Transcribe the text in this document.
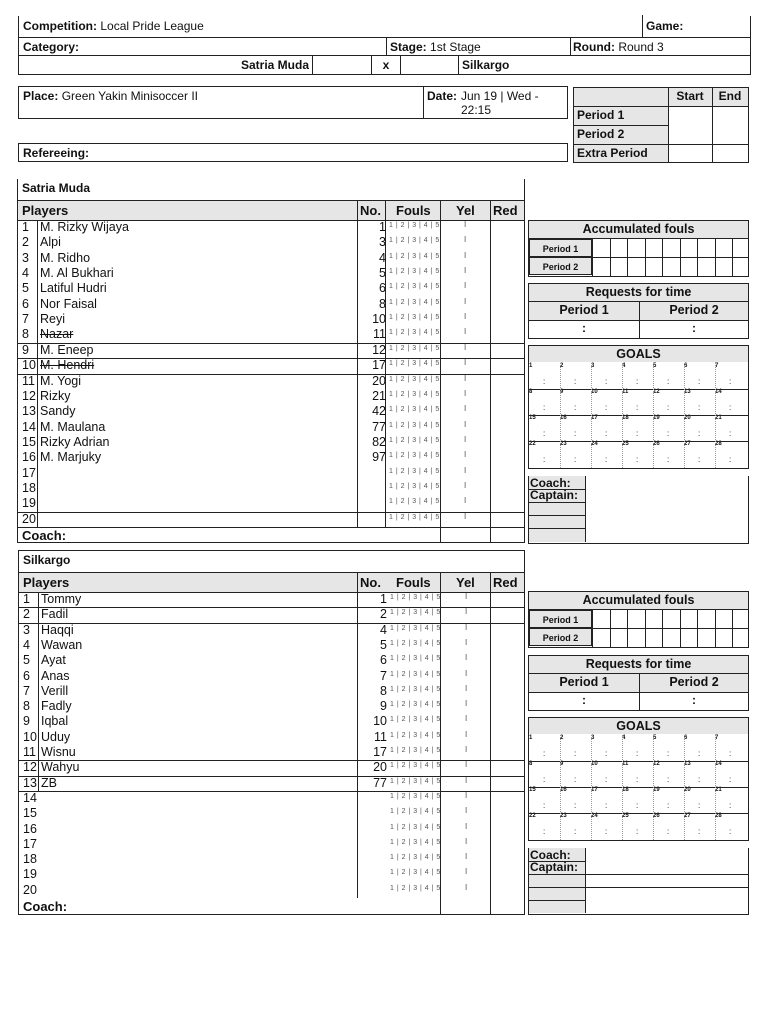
Competition: Local Pride League	Game:
Category:	Stage: 1st Stage	Round: Round 3
Satria Muda	x	Silkargo
Place: Green Yakin Minisoccer II	Date: Jun 19 | Wed - 22:15
Refereeing:
Start	End
Period 1
Period 2
Extra Period
Satria Muda
Players	No. Fouls Yel Red
1 M. Rizky Wijaya	1 1 | 2 | 3 | 4 | 5	I
2 Alpi	3 1 | 2 | 3 | 4 | 5	I
3 M. Ridho	4 1 | 2 | 3 | 4 | 5	I
4 M. Al Bukhari	5 1 | 2 | 3 | 4 | 5	I
5 Latiful Hudri	6 1 | 2 | 3 | 4 | 5	I
6 Nor Faisal	8 1 | 2 | 3 | 4 | 5	I
7 Reyi	10 1 | 2 | 3 | 4 | 5	I
8 Nazar	11 1 | 2 | 3 | 4 | 5	I
9 M. Eneep	12 1 | 2 | 3 | 4 | 5	I
10 M. Hendri	17 1 | 2 | 3 | 4 | 5	I
11 M. Yogi	20 1 | 2 | 3 | 4 | 5	I
12 Rizky	21 1 | 2 | 3 | 4 | 5	I
13 Sandy	42 1 | 2 | 3 | 4 | 5	I
14 M. Maulana	77 1 | 2 | 3 | 4 | 5	I
15 Rizky Adrian	82 1 | 2 | 3 | 4 | 5	I
16 M. Marjuky	97 1 | 2 | 3 | 4 | 5	I
17	1 | 2 | 3 | 4 | 5	I
18	1 | 2 | 3 | 4 | 5	I
19	1 | 2 | 3 | 4 | 5	I
20	1 | 2 | 3 | 4 | 5	I
Coach:
Silkargo
Players	No. Fouls Yel Red
1 Tommy	1 1 | 2 | 3 | 4 | 5	I
2 Fadil	2 1 | 2 | 3 | 4 | 5	I
3 Haqqi	4 1 | 2 | 3 | 4 | 5	I
4 Wawan	5 1 | 2 | 3 | 4 | 5	I
5 Ayat	6 1 | 2 | 3 | 4 | 5	I
6 Anas	7 1 | 2 | 3 | 4 | 5	I
7 Verill	8 1 | 2 | 3 | 4 | 5	I
8 Fadly	9 1 | 2 | 3 | 4 | 5	I
9 Iqbal	10 1 | 2 | 3 | 4 | 5	I
10 Uduy	11 1 | 2 | 3 | 4 | 5	I
11 Wisnu	17 1 | 2 | 3 | 4 | 5	I
12 Wahyu	20 1 | 2 | 3 | 4 | 5	I
13 ZB	77 1 | 2 | 3 | 4 | 5	I
14	1 | 2 | 3 | 4 | 5	I
15	1 | 2 | 3 | 4 | 5	I
16	1 | 2 | 3 | 4 | 5	I
17	1 | 2 | 3 | 4 | 5	I
18	1 | 2 | 3 | 4 | 5	I
19	1 | 2 | 3 | 4 | 5	I
20	1 | 2 | 3 | 4 | 5	I
Coach:
Accumulated fouls
Period 1
Period 2
Requests for time
Period 1	Period 2
:	:
GOALS
1
:
2
:
3
:
4
:
5
:
6
:
7
:
8
:
9
:
10
:
11
:
12
:
13
:
14
:
15
:
16
:
17
:
18
:
19
:
20
:
21
:
22
:
23
:
24
:
25
:
26
:
27
:
28
:
Coach:
Captain:
Accumulated fouls
Period 1
Period 2
Requests for time
Period 1	Period 2
:	:
GOALS
1
:
2
:
3
:
4
:
5
:
6
:
7
:
8
:
9
:
10
:
11
:
12
:
13
:
14
:
15
:
16
:
17
:
18
:
19
:
20
:
21
:
22
:
23
:
24
:
25
:
26
:
27
:
28
:
Coach:
Captain:
